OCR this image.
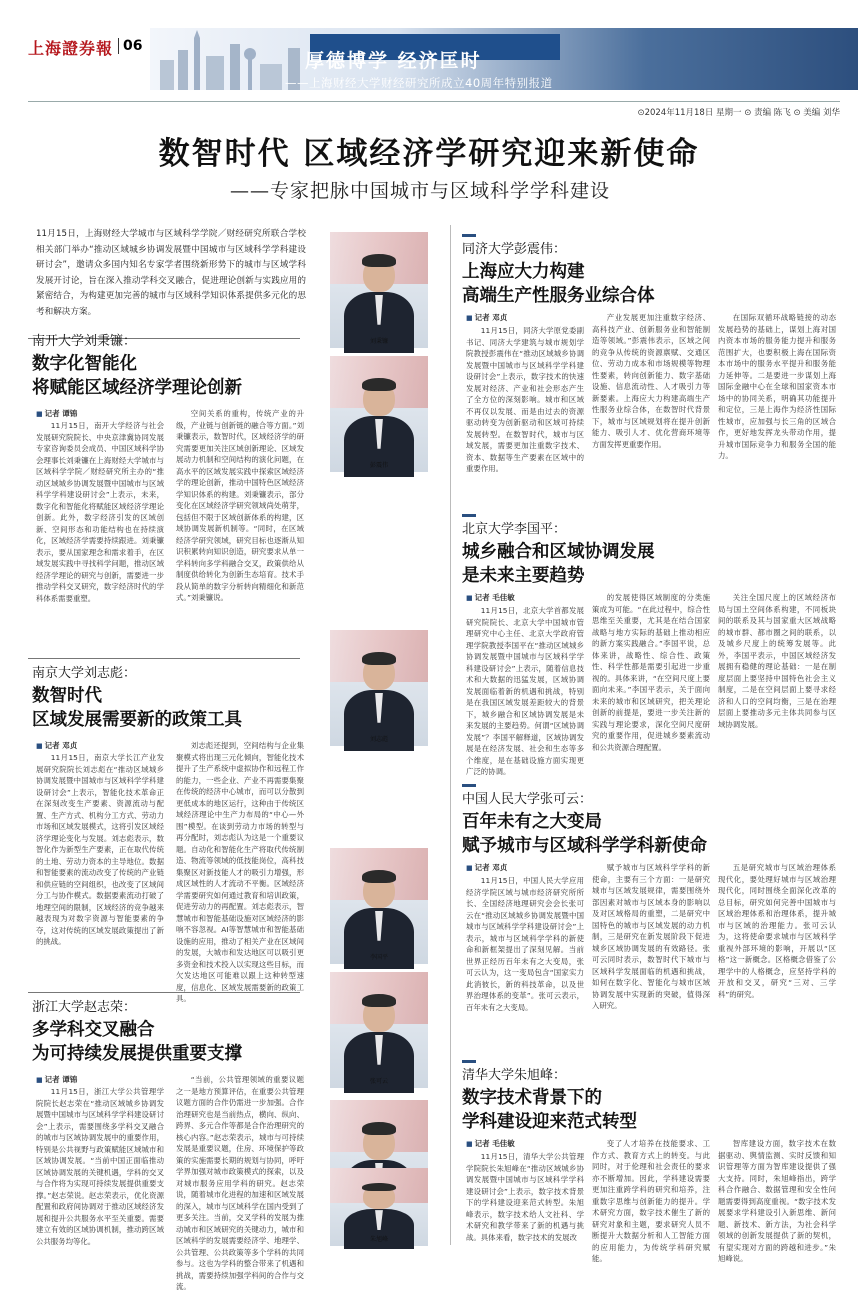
上海證券報 06
厚德博学 经济匡时
——上海财经大学财经研究所成立40周年特别报道
⊙2024年11月18日 星期一 ⊙ 责编 陈飞 ⊙ 美编 刘华
数智时代 区域经济学研究迎来新使命
——专家把脉中国城市与区域科学学科建设
11月15日，上海财经大学城市与区域科学学院／财经研究所联合学校相关部门举办“推动区域城乡协调发展暨中国城市与区域科学学科建设研讨会”，邀请众多国内知名专家学者围绕新形势下的城市与区域学科发展开讨论，旨在深入推动学科交叉融合，促进理论创新与实践应用的紧密结合，为构建更加完善的城市与区域科学知识体系提供多元化的思考和解决方案。
南开大学刘秉镰：
数字化智能化
将赋能区域经济学理论创新
■ 记者 谭锦

11月15日，南开大学经济与社会发展研究院院长、中央京津冀协同发展专家咨询委员会成员、中国区域科学协会理事长刘秉镰在上海财经大学城市与区域科学学院／财经研究所主办的“推动区域城乡协调发展暨中国城市与区域科学学科建设研讨会”上表示，未来，数字化和智能化将赋能区域经济学理论创新。此外，数字经济引发的区域创新、空间形态和功能结构也在持续演化，区域经济学需要持续跟进。刘秉镰表示，要从国家理念和需求着手，在区域发展实践中寻找科学问题，推动区域经济学理论的研究与创新，需要进一步推动学科交叉研究，数字经济时代的学科体系需要重塑。

空间关系的重构，传统产业的升级，产业链与创新链的融合等方面。”刘秉镰表示，数智时代，区域经济学的研究需要更加关注区域创新理论、区域发展动力机制和空间结构的演化问题，在高水平的区域发展实践中探索区域经济学的理论创新，推动中国特色区域经济学知识体系的构建。刘秉镰表示，部分变化在区域经济学研究领域尚处萌芽，包括但不限于区域创新体系的构建，区域协调发展新机制等。“同时，在区域经济学研究领域，研究目标也逐渐从知识积累转向知识创造，研究要求从单一学科转向多学科融合交叉，政策供给从制度供给转化为创新生态培育。技术手段从简单的数字分析转向精细化和新范式。”刘秉镰说。

刘秉镰
彭震伟
南京大学刘志彪：
数智时代
区域发展需要新的政策工具
■ 记者 邓贞

11月15日，南京大学长江产业发展研究院院长刘志彪在“推动区域城乡协调发展暨中国城市与区域科学学科建设研讨会”上表示，智能化技术革命正在深刻改变生产要素、资源流动与配置、生产方式、机构分工方式、劳动力市场和区域发展模式，这将引发区域经济学理论变化与发展。刘志彪表示，数智化作为新型生产要素，正在取代传统的土地、劳动力资本的主导地位。数据和智能要素的流动改变了传统的产业链和供应链的空间组织，也改变了区域间分工与协作模式。数据要素流动打破了地理空间的限制，区域经济的竞争越来越表现为对数字资源与智能要素的争夺，这对传统的区域发展政策提出了新的挑战。

刘志彪还提到，空间结构与企业集聚模式将出现三元化倾向，智能化技术提升了生产系统中虚拟协作和远程工作的能力，一些企业、产业不再需要集聚在传统的经济中心城市，而可以分散到更低成本的地区运行，这种由于传统区域经济理论中生产力布局的“中心—外围”模型。在谈到劳动力市场的转型与再分配时，刘志彪认为这是一个重要议题。自动化和智能化生产将取代传统制造、物流等领域的低技能岗位，高科技集聚区对新技能人才的吸引力增强，形成区域性的人才流动不平衡。区域经济学需要研究如何通过教育和培训政策，促进劳动力的再配置。刘志彪表示，智慧城市和智能基础设施对区域经济的影响不容忽视。AI等智慧城市和智能基础设施的应用，推动了相关产业在区域间的发展，大城市和发达地区可以吸引更多资金和技术投入以实现这些目标，而欠发达地区可能难以跟上这种转型速度，信息化、区域发展需要新的政策工具。

刘志彪
李国平
浙江大学赵志荣：
多学科交叉融合
为可持续发展提供重要支撑
■ 记者 谭锦

11月15日，浙江大学公共管理学院院长赵志荣在“推动区域城乡协调发展暨中国城市与区域科学学科建设研讨会”上表示，需要围绕多学科交叉融合的城市与区域协调发展中的重要作用，特别是公共视野与政策赋能区域城市和区域协调发展。“当前中国正面临推动区域协调发展的关键机遇，学科的交叉与合作将为实现可持续发展提供重要支撑。”赵志荣说。赵志荣表示，优化资源配置和政府间协调对于推动区域经济发展和提升公共服务水平至关重要。需要建立有效的区域协调机制，推动跨区域公共服务均等化。

“当前，公共管理领域的重要议题之一是地方预算评估，在重要公共管理议题方面的合作仍需进一步加强。合作治理研究也是当前热点，横向、纵向、跨界、多元合作等都是合作治理研究的核心内容。”赵志荣表示，城市与可持续发展是重要议题，住房、环境保护等政策的实施需要长期的规划与协同，呼吁学界加强对城市政策模式的探索，以及对城市服务应用学科的研究。赵志荣说，随着城市化进程的加速和区域发展的深入，城市与区域科学在国内受到了更多关注。当前，交叉学科的发展为推动城市和区域研究的关键动力，城市和区域科学的发展需要经济学、地理学、公共管理、公共政策等多个学科的共同参与。这也为学科的整合带来了机遇和挑战，需要持续加强学科间的合作与交流。

同济大学彭震伟：
上海应大力构建
高端生产性服务业综合体
■ 记者 邓贞

11月15日，同济大学原党委副书记、同济大学建筑与城市规划学院教授彭震伟在“推动区域城乡协调发展暨中国城市与区域科学学科建设研讨会”上表示，数字技术的快速发展对经济、产业和社会形态产生了全方位的深刻影响。城市和区域不再仅以发展、而是由过去的资源驱动转变为创新驱动和区域可持续发展转型。在数智时代，城市与区域发展，需要更加注重数字技术、资本、数据等生产要素在区域中的重要作用。

产业发展更加注重数字经济、高科技产业、创新服务业和智能制造等领域。”彭震伟表示，区域之间的竞争从传统的资源禀赋、交通区位、劳动力成本和市场规模等物理性要素，转向创新能力、数字基础设施、信息流动性、人才吸引力等新要素。上海应大力构建高端生产性服务业综合体，在数智时代背景下，城市与区域规划将在提升创新能力、吸引人才、优化营商环境等方面发挥更重要作用。

在国际双循环战略链接的动态发展趋势的基础上，谋划上海对国内资本市场的服务能力提升和服务范围扩大，也要积极上海在国际资本市场中的服务水平提升和服务能力延伸等。二是要进一步谋划上海国际金融中心在全球和国家资本市场中的协同关系，明确其功能提升和定位，三是上海作为经济性国际性城市，应加强与长三角的区域合作，更好地发挥龙头带动作用，提升城市国际竞争力和服务全国的能力。

北京大学李国平：
城乡融合和区域协调发展
是未来主要趋势
■ 记者 毛佳敏

11月15日，北京大学首都发展研究院院长、北京大学中国城市管理研究中心主任、北京大学政府管理学院教授李国平在“推动区域城乡协调发展暨中国城市与区域科学学科建设研讨会”上表示，随着信息技术和大数据的迅猛发展，区域协调发展面临着新的机遇和挑战，特别是在我国区域发展差距较大的背景下，城乡融合和区域协调发展是未来发展的主要趋势。何谓“区域协调发展”？李国平解释道，区域协调发展是在经济发展、社会和生态等多个维度，是在基础设施方面实现更广泛的协调。

的发展使得区域制度的分类施策成为可能。“在此过程中，综合性思维至关重要，尤其是在结合国家战略与地方实际的基础上推动相应的新方案实践融合。”李国平说，总体来讲，战略性、综合性、政策性、科学性都是需要引起进一步重视的。具体来讲，“在空间尺度上要面向未来。”李国平表示，关于面向未来的城市和区域研究，把关理论创新的前提是，要进一步关注新的实践与理论要求，深化空间尺度研究的重要作用，促进城乡要素流动和公共资源合理配置。

关注全国尺度上的区域经济布局与国土空间体系构建，不同板块间的联系及其与国家重大区域战略的城市群、都市圈之间的联系，以及城乡尺度上的统筹发展等。此外，李国平表示，中国区域经济发展拥有稳健的理论基础：一是在制度层面上要坚持中国特色社会主义制度，二是在空间层面上要寻求经济和人口的空间均衡，三是在治理层面上要推动多元主体共同参与区域协调发展。

中国人民大学张可云：
百年未有之大变局
赋予城市与区域科学学科新使命
■ 记者 邓贞

11月15日，中国人民大学应用经济学院区域与城市经济研究所所长、全国经济地理研究会会长张可云在“推动区域城乡协调发展暨中国城市与区域科学学科建设研讨会”上表示，城市与区域科学学科的新使命和新框架提出了深刻见解。当前世界正经历百年未有之大变局，张可云认为，这一变局包含“国家实力此消彼长，新的科技革命，以及世界治理体系的变革”。张可云表示，百年未有之大变局。

赋予城市与区域科学学科的新使命，主要有三个方面：一是研究城市与区域发展规律，需要围绕外部因素对城市与区域本身的影响以及对区域格局的重塑，二是研究中国特色的城市与区域发展的动力机制，三是研究在新发展阶段下促进城乡区域协调发展的有效路径。张可云同时表示，数智时代下城市与区域科学发展面临的机遇和挑战，如何在数字化、智能化与城市区域协调发展中实现新的突破，值得深入研究。

五是研究城市与区域治理体系现代化，要处理好城市与区域治理现代化，同时围绕全面深化改革的总目标，研究如何完善中国城市与区域治理体系和治理体系，提升城市与区域的治理能力。张可云认为，这将使命要求城市与区域科学重视外部环境的影响，开展以“区格”这一新概念。区格概念借鉴了公理学中的人格概念，应坚持学科的开放和交叉，研究“三对、三学科”的研究。

清华大学朱旭峰：
数字技术背景下的
学科建设迎来范式转型
■ 记者 毛佳敏

11月15日，清华大学公共管理学院院长朱旭峰在“推动区域城乡协调发展暨中国城市与区域科学学科建设研讨会”上表示，数字技术背景下的学科建设迎来范式转型。朱旭峰表示，数字技术给人文社科、学术研究和教学带来了新的机遇与挑战。具体来看，数字技术的发展改

变了人才培养在技能要求、工作方式、教育方式上的转变。与此同时，对于伦理和社会责任的要求亦不断增加。因此，学科建设需要更加注重跨学科的研究和培养，注重数字思维与创新能力的提升。学术研究方面，数字技术催生了新的研究对象和主题，要求研究人员不断提升大数据分析和人工智能方面的应用能力，为传统学科研究赋能。

智库建设方面，数字技术在数据驱动、舆情监测、实时反馈和知识管理等方面为智库建设提供了强大支持。同时，朱旭峰指出，跨学科合作融合、数据管理和安全性问题需要得到高度重视。“数字技术发展要求学科建设引入新思维、新问题、新技术、新方法，为社会科学领域的创新发展提供了新的契机，有望实现对方面的跨越和进步。”朱旭峰说。

朱旭峰
张可云
